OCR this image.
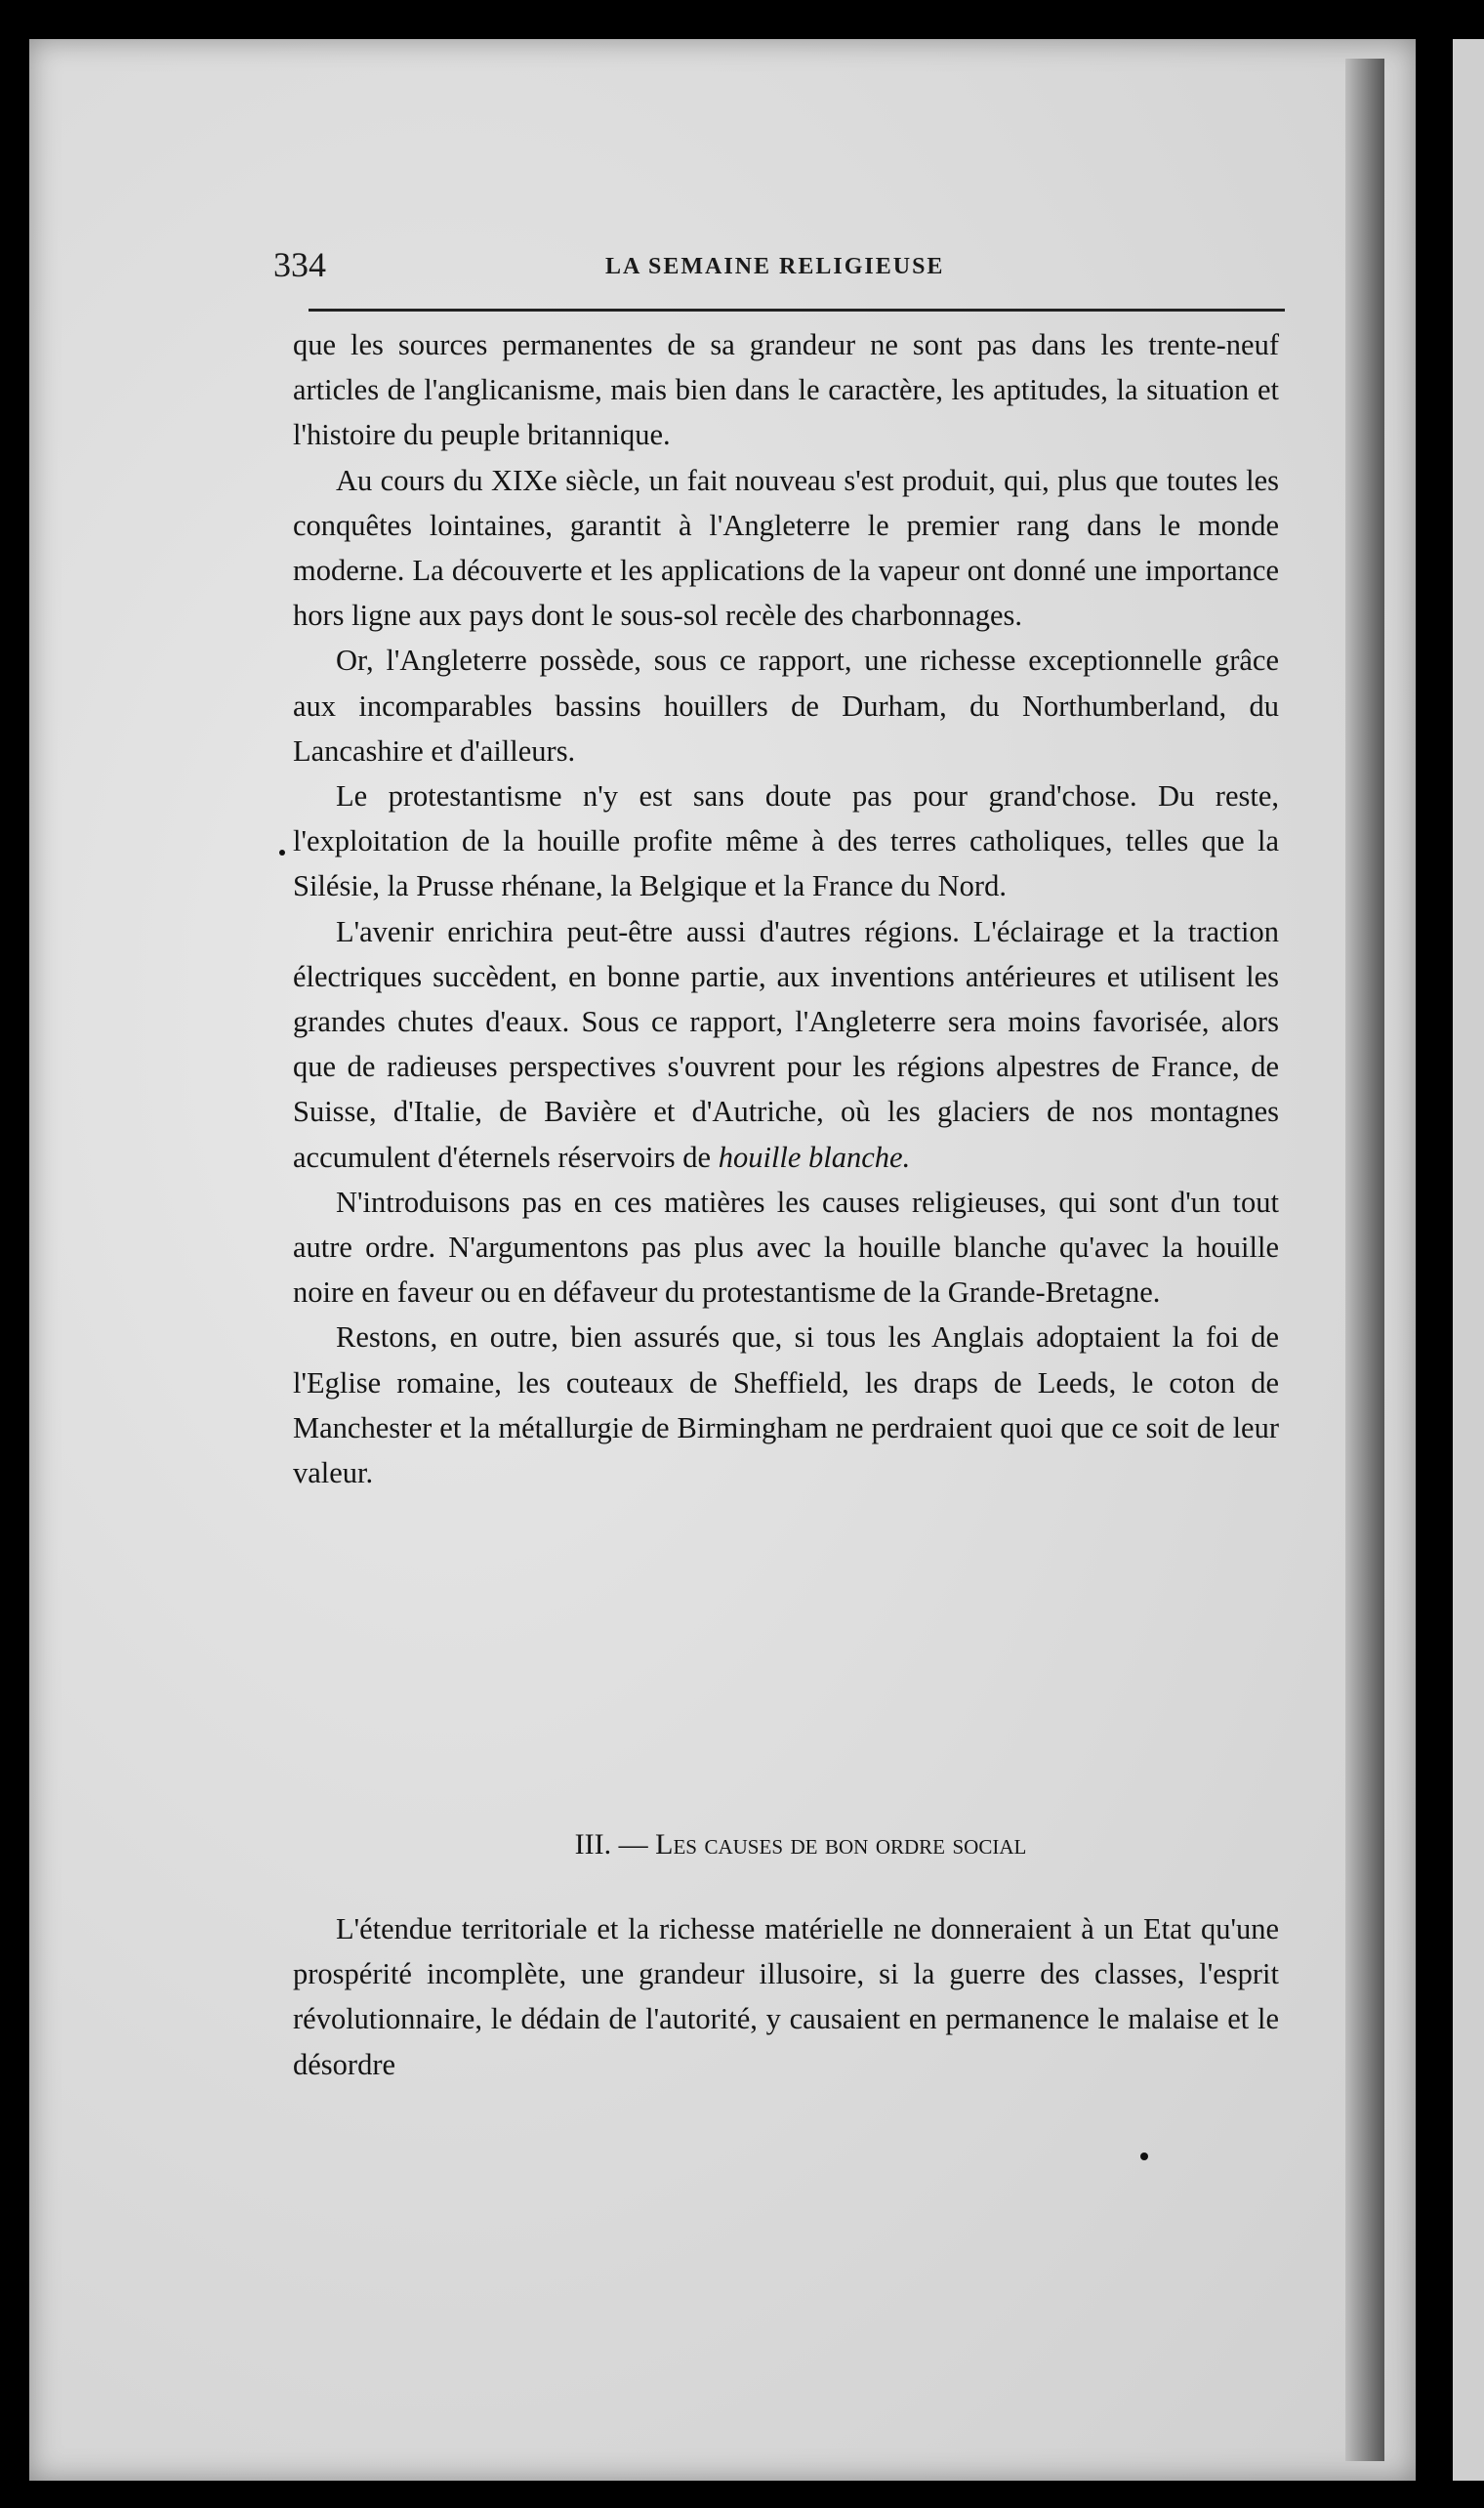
334	LA SEMAINE RELIGIEUSE

que les sources permanentes de sa grandeur ne sont pas dans les trente-neuf articles de l'anglicanisme, mais bien dans le caractère, les aptitudes, la situation et l'histoire du peuple britannique.

Au cours du XIXe siècle, un fait nouveau s'est produit, qui, plus que toutes les conquêtes lointaines, garantit à l'Angleterre le premier rang dans le monde moderne. La découverte et les applications de la vapeur ont donné une importance hors ligne aux pays dont le sous-sol recèle des charbonnages.

Or, l'Angleterre possède, sous ce rapport, une richesse exceptionnelle grâce aux incomparables bassins houillers de Durham, du Northumberland, du Lancashire et d'ailleurs.

Le protestantisme n'y est sans doute pas pour grand'chose. Du reste, l'exploitation de la houille profite même à des terres catholiques, telles que la Silésie, la Prusse rhénane, la Belgique et la France du Nord.

L'avenir enrichira peut-être aussi d'autres régions. L'éclairage et la traction électriques succèdent, en bonne partie, aux inventions antérieures et utilisent les grandes chutes d'eaux. Sous ce rapport, l'Angleterre sera moins favorisée, alors que de radieuses perspectives s'ouvrent pour les régions alpestres de France, de Suisse, d'Italie, de Bavière et d'Autriche, où les glaciers de nos montagnes accumulent d'éternels réservoirs de houille blanche.

N'introduisons pas en ces matières les causes religieuses, qui sont d'un tout autre ordre. N'argumentons pas plus avec la houille blanche qu'avec la houille noire en faveur ou en défaveur du protestantisme de la Grande-Bretagne.

Restons, en outre, bien assurés que, si tous les Anglais adoptaient la foi de l'Eglise romaine, les couteaux de Sheffield, les draps de Leeds, le coton de Manchester et la métallurgie de Birmingham ne perdraient quoi que ce soit de leur valeur.

III. — Les causes de bon ordre social

L'étendue territoriale et la richesse matérielle ne donneraient à un Etat qu'une prospérité incomplète, une grandeur illusoire, si la guerre des classes, l'esprit révolutionnaire, le dédain de l'autorité, y causaient en permanence le malaise et le désordre
